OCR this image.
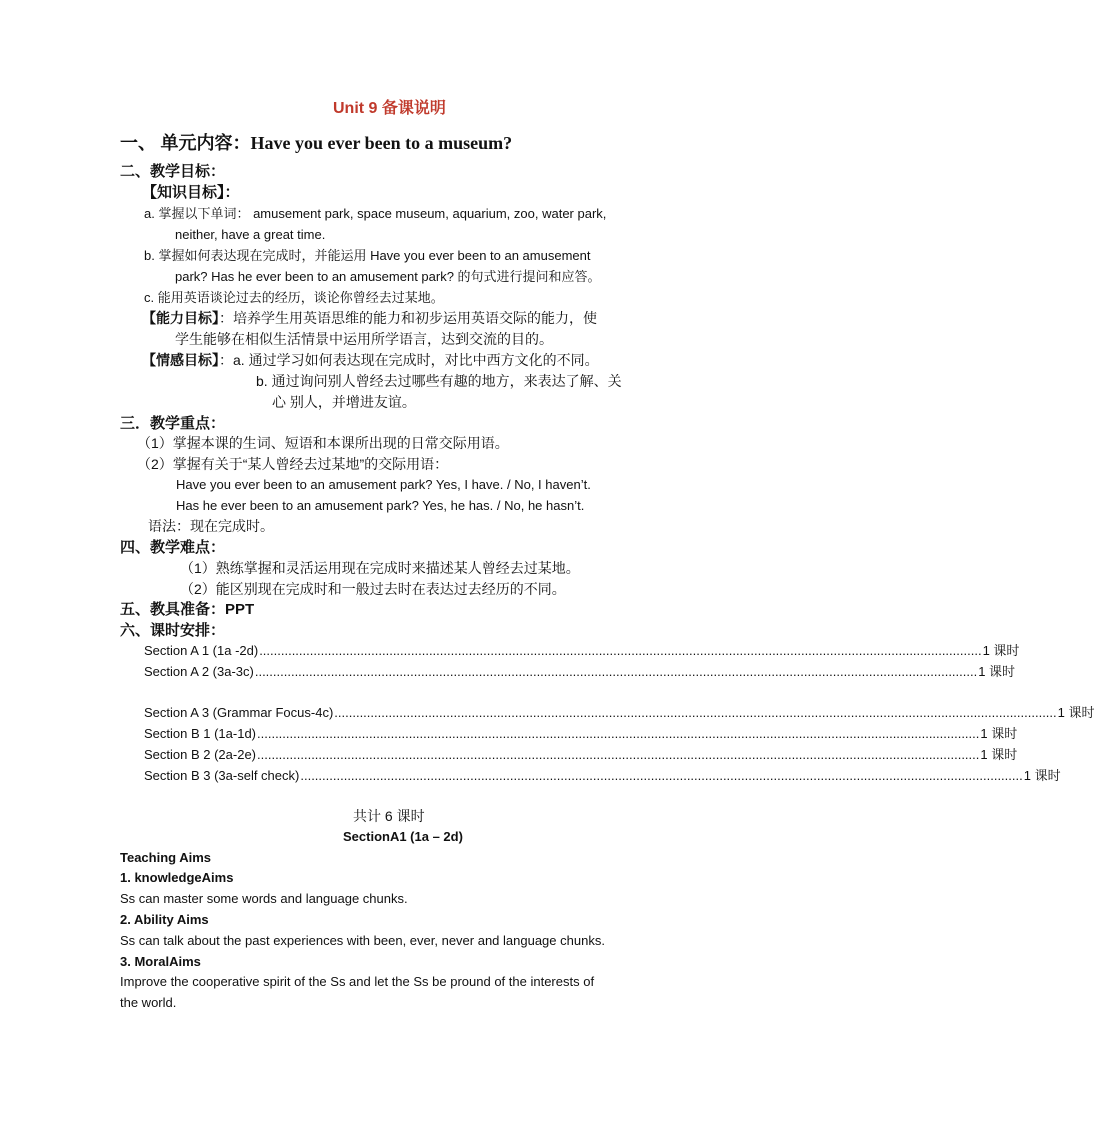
Unit 9 备课说明
一、 单元内容：Have you ever been to a museum?
二、教学目标：
【知识目标】：
a. 掌握以下单词： amusement park, space museum, aquarium, zoo, water park,
neither, have a great time.
b. 掌握如何表达现在完成时，并能运用 Have you ever been to an amusement
park? Has he ever been to an amusement park? 的句式进行提问和应答。
c. 能用英语谈论过去的经历，谈论你曾经去过某地。
【能力目标】：培养学生用英语思维的能力和初步运用英语交际的能力，使
学生能够在相似生活情景中运用所学语言，达到交流的目的。
【情感目标】：a. 通过学习如何表达现在完成时，对比中西方文化的不同。
b. 通过询问别人曾经去过哪些有趣的地方，来表达了解、关
心 别人，并增进友谊。
三．教学重点：
（1）掌握本课的生词、短语和本课所出现的日常交际用语。
（2）掌握有关于“某人曾经去过某地”的交际用语：
Have you ever been to an amusement park? Yes, I have. / No, I haven’t.
Has he ever been to an amusement park? Yes, he has. / No, he hasn’t.
语法：现在完成时。
四、教学难点：
（1）熟练掌握和灵活运用现在完成时来描述某人曾经去过某地。
（2）能区别现在完成时和一般过去时在表达过去经历的不同。
五、教具准备：PPT
六、课时安排：
Section A 1 (1a -2d) ........................................................................................................................................................................................................ 1 课时
Section A 2 (3a-3c) ........................................................................................................................................................................................................ 1 课时
Section A 3 (Grammar Focus-4c) ........................................................................................................................................................................................................ 1 课时
Section B 1 (1a-1d) ........................................................................................................................................................................................................ 1 课时
Section B 2 (2a-2e) ........................................................................................................................................................................................................ 1 课时
Section B 3 (3a-self check) ........................................................................................................................................................................................................ 1 课时
共计 6 课时
SectionA1 (1a – 2d)
Teaching Aims
1. knowledgeAims
Ss can master some words and language chunks.
2. Ability Aims
Ss can talk about the past experiences with been, ever, never and language chunks.
3. MoralAims
Improve the cooperative spirit of the Ss and let the Ss be pround of the interests of
the world.
